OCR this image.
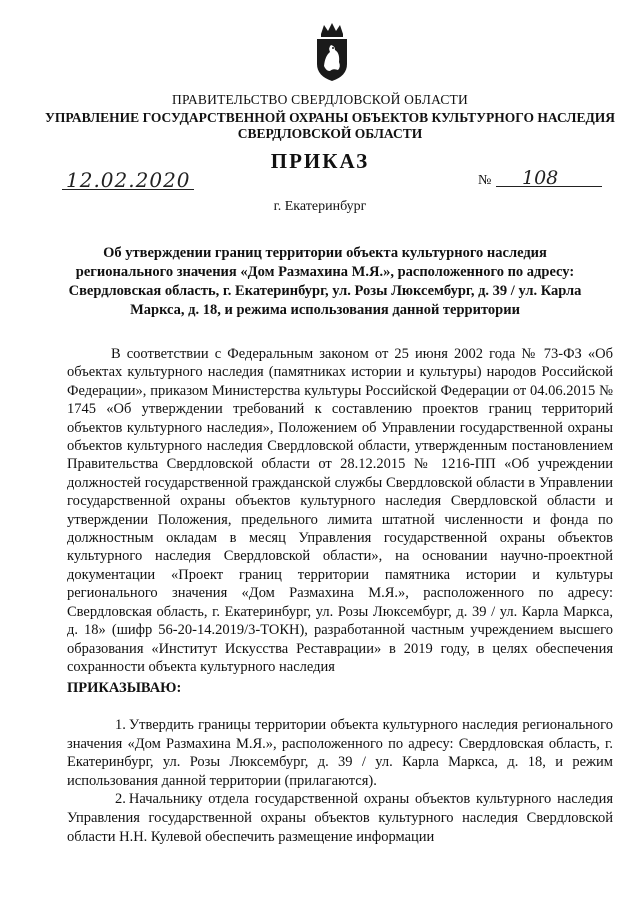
ПРАВИТЕЛЬСТВО СВЕРДЛОВСКОЙ ОБЛАСТИ
УПРАВЛЕНИЕ ГОСУДАРСТВЕННОЙ ОХРАНЫ ОБЪЕКТОВ КУЛЬТУРНОГО НАСЛЕДИЯ СВЕРДЛОВСКОЙ ОБЛАСТИ
ПРИКАЗ
12.02.2020	№ 108
г. Екатеринбург
Об утверждении границ территории объекта культурного наследия регионального значения «Дом Размахина М.Я.», расположенного по адресу: Свердловская область, г. Екатеринбург, ул. Розы Люксембург, д. 39 / ул. Карла Маркса, д. 18, и режима использования данной территории

В соответствии с Федеральным законом от 25 июня 2002 года № 73-ФЗ «Об объектах культурного наследия (памятниках истории и культуры) народов Российской Федерации», приказом Министерства культуры Российской Федерации от 04.06.2015 № 1745 «Об утверждении требований к составлению проектов границ территорий объектов культурного наследия», Положением об Управлении государственной охраны объектов культурного наследия Свердловской области, утвержденным постановлением Правительства Свердловской области от 28.12.2015 № 1216-ПП «Об учреждении должностей государственной гражданской службы Свердловской области в Управлении государственной охраны объектов культурного наследия Свердловской области и утверждении Положения, предельного лимита штатной численности и фонда по должностным окладам в месяц Управления государственной охраны объектов культурного наследия Свердловской области», на основании научно-проектной документации «Проект границ территории памятника истории и культуры регионального значения «Дом Размахина М.Я.», расположенного по адресу: Свердловская область, г. Екатеринбург, ул. Розы Люксембург, д. 39 / ул. Карла Маркса, д. 18» (шифр 56-20-14.2019/3-ТОКН), разработанной частным учреждением высшего образования «Институт Искусства Реставрации» в 2019 году, в целях обеспечения сохранности объекта культурного наследия

ПРИКАЗЫВАЮ:

1. Утвердить границы территории объекта культурного наследия регионального значения «Дом Размахина М.Я.», расположенного по адресу: Свердловская область, г. Екатеринбург, ул. Розы Люксембург, д. 39 / ул. Карла Маркса, д. 18, и режим использования данной территории (прилагаются).

2. Начальнику отдела государственной охраны объектов культурного наследия Управления государственной охраны объектов культурного наследия Свердловской области Н.Н. Кулевой обеспечить размещение информации
